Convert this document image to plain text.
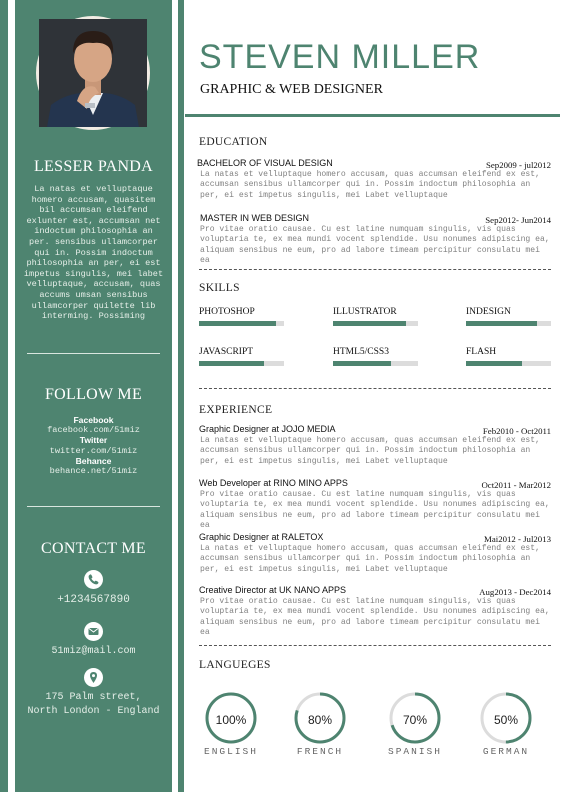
LESSER PANDA
La natas et velluptaque homero accusam, quasitem bil accumsan eleifend exlunter est, accumsan net indoctum philosophia an per. sensibus ullamcorper qui in. Possim indoctum philosophia an per, ei est impetus singulis, mei labet velluptaque, accusam, quas accums umsan sensibus ullamcorper quilette lib interming. Possiming
FOLLOW ME
Facebook
facebook.com/51miz
Twitter
twitter.com/51miz
Behance
behance.net/51miz
CONTACT ME
+1234567890
51miz@mail.com
175 Palm street,
North London - England
STEVEN MILLER
GRAPHIC & WEB DESIGNER
EDUCATION
BACHELOR OF VISUAL DESIGN	Sep2009 - jul2012
La natas et velluptaque homero accusam, quas accumsan eleifend ex est, accumsan sensibus ullamcorper qui in. Possim indoctum philosophia an per, ei est impetus singulis, mei Labet velluptaque
MASTER IN WEB DESIGN	Sep2012- Jun2014
Pro vitae oratio causae. Cu est latine numquam singulis, vis quas voluptaria te, ex mea mundi vocent splendide. Usu nonumes adipiscing ea, aliquam sensibus ne eum, pro ad labore timeam percipitur consulatu mei ea
SKILLS
EXPERIENCE
LANGUEGES
PHOTOSHOP	ILLUSTRATOR	INDESIGN
JAVASCRIPT	HTML5/CSS3	FLASH
Graphic Designer at JOJO MEDIA	Feb2010 - Oct2011
La natas et velluptaque homero accusam, quas accumsan eleifend ex est, accumsan sensibus ullamcorper qui in. Possim indoctum philosophia an per, ei est impetus singulis, mei Labet velluptaque
Web Developer at RINO MINO APPS	Oct2011 - Mar2012
Pro vitae oratio causae. Cu est latine numquam singulis, vis quas voluptaria te, ex mea mundi vocent splendide. Usu nonumes adipiscing ea, aliquam sensibus ne eum, pro ad labore timeam percipitur consulatu mei ea
Graphic Designer at RALETOX	Mai2012 - Jul2013
La natas et velluptaque homero accusam, quas accumsan eleifend ex est, accumsan sensibus ullamcorper qui in. Possim indoctum philosophia an per, ei est impetus singulis, mei Labet velluptaque
Creative Director at UK NANO APPS	Aug2013 - Dec2014
Pro vitae oratio causae. Cu est latine numquam singulis, vis quas voluptaria te, ex mea mundi vocent splendide. Usu nonumes adipiscing ea, aliquam sensibus ne eum, pro ad labore timeam percipitur consulatu mei ea
100%
ENGLISH
80%
FRENCH
70%
SPANISH
50%
GERMAN
